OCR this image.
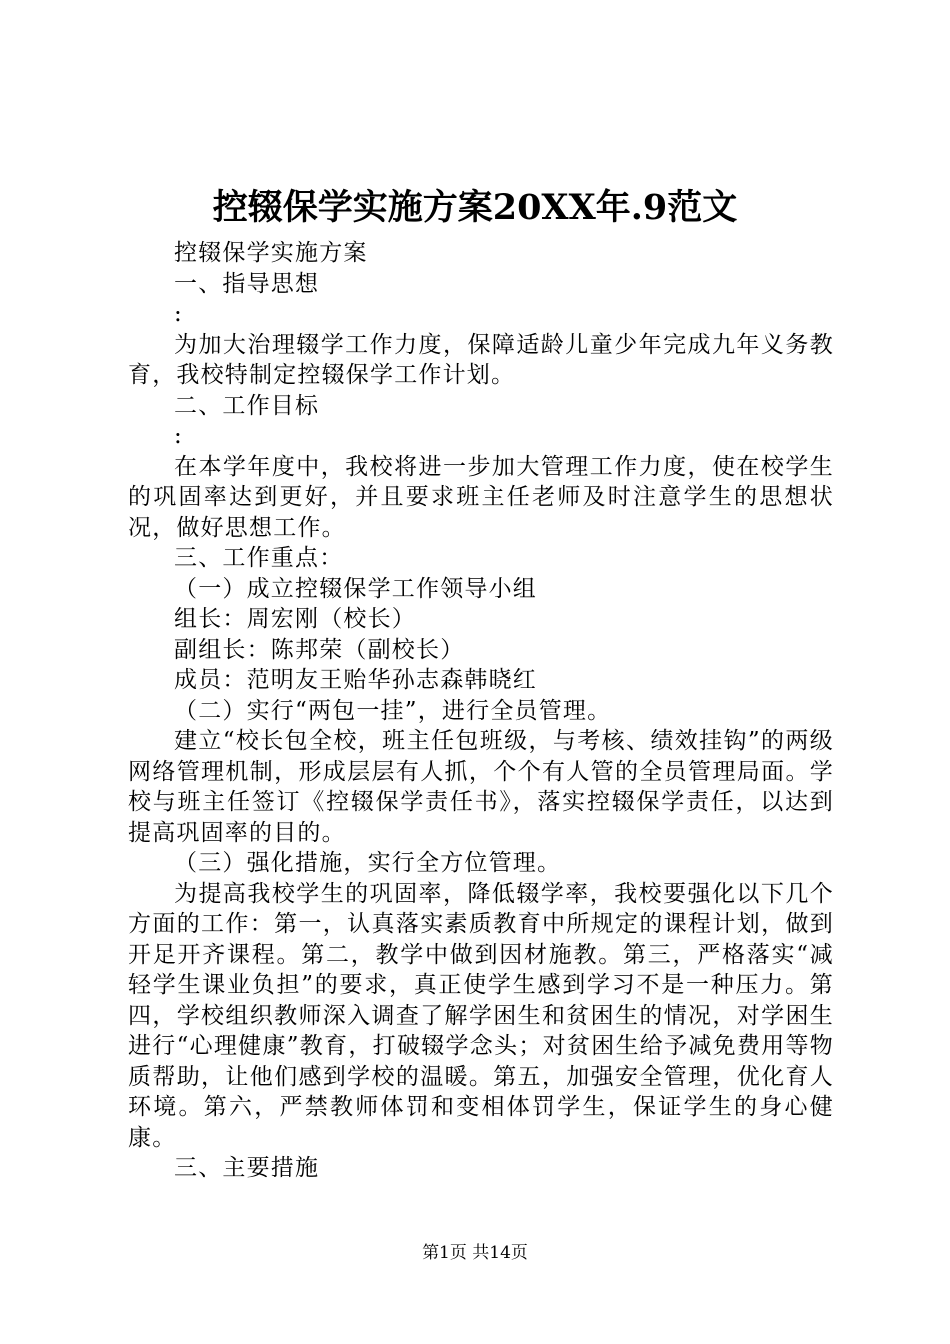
控辍保学实施方案20XX年.9范文

控辍保学实施方案

一、指导思想

:

为加大治理辍学工作力度，保障适龄儿童少年完成九年义务教育，我校特制定控辍保学工作计划。

二、工作目标

:

在本学年度中，我校将进一步加大管理工作力度，使在校学生的巩固率达到更好，并且要求班主任老师及时注意学生的思想状况，做好思想工作。

三、工作重点：

（一）成立控辍保学工作领导小组

组长：周宏刚（校长）

副组长：陈邦荣（副校长）

成员：范明友王贻华孙志森韩晓红

（二）实行“两包一挂”，进行全员管理。

建立“校长包全校，班主任包班级，与考核、绩效挂钩”的两级网络管理机制，形成层层有人抓，个个有人管的全员管理局面。学校与班主任签订《控辍保学责任书》，落实控辍保学责任，以达到提高巩固率的目的。

（三）强化措施，实行全方位管理。

为提高我校学生的巩固率，降低辍学率，我校要强化以下几个方面的工作：第一，认真落实素质教育中所规定的课程计划，做到开足开齐课程。第二，教学中做到因材施教。第三，严格落实“减轻学生课业负担”的要求，真正使学生感到学习不是一种压力。第四，学校组织教师深入调查了解学困生和贫困生的情况，对学困生进行“心理健康”教育，打破辍学念头；对贫困生给予减免费用等物质帮助，让他们感到学校的温暖。第五，加强安全管理，优化育人环境。第六，严禁教师体罚和变相体罚学生，保证学生的身心健康。

三、主要措施

第1页 共14页
